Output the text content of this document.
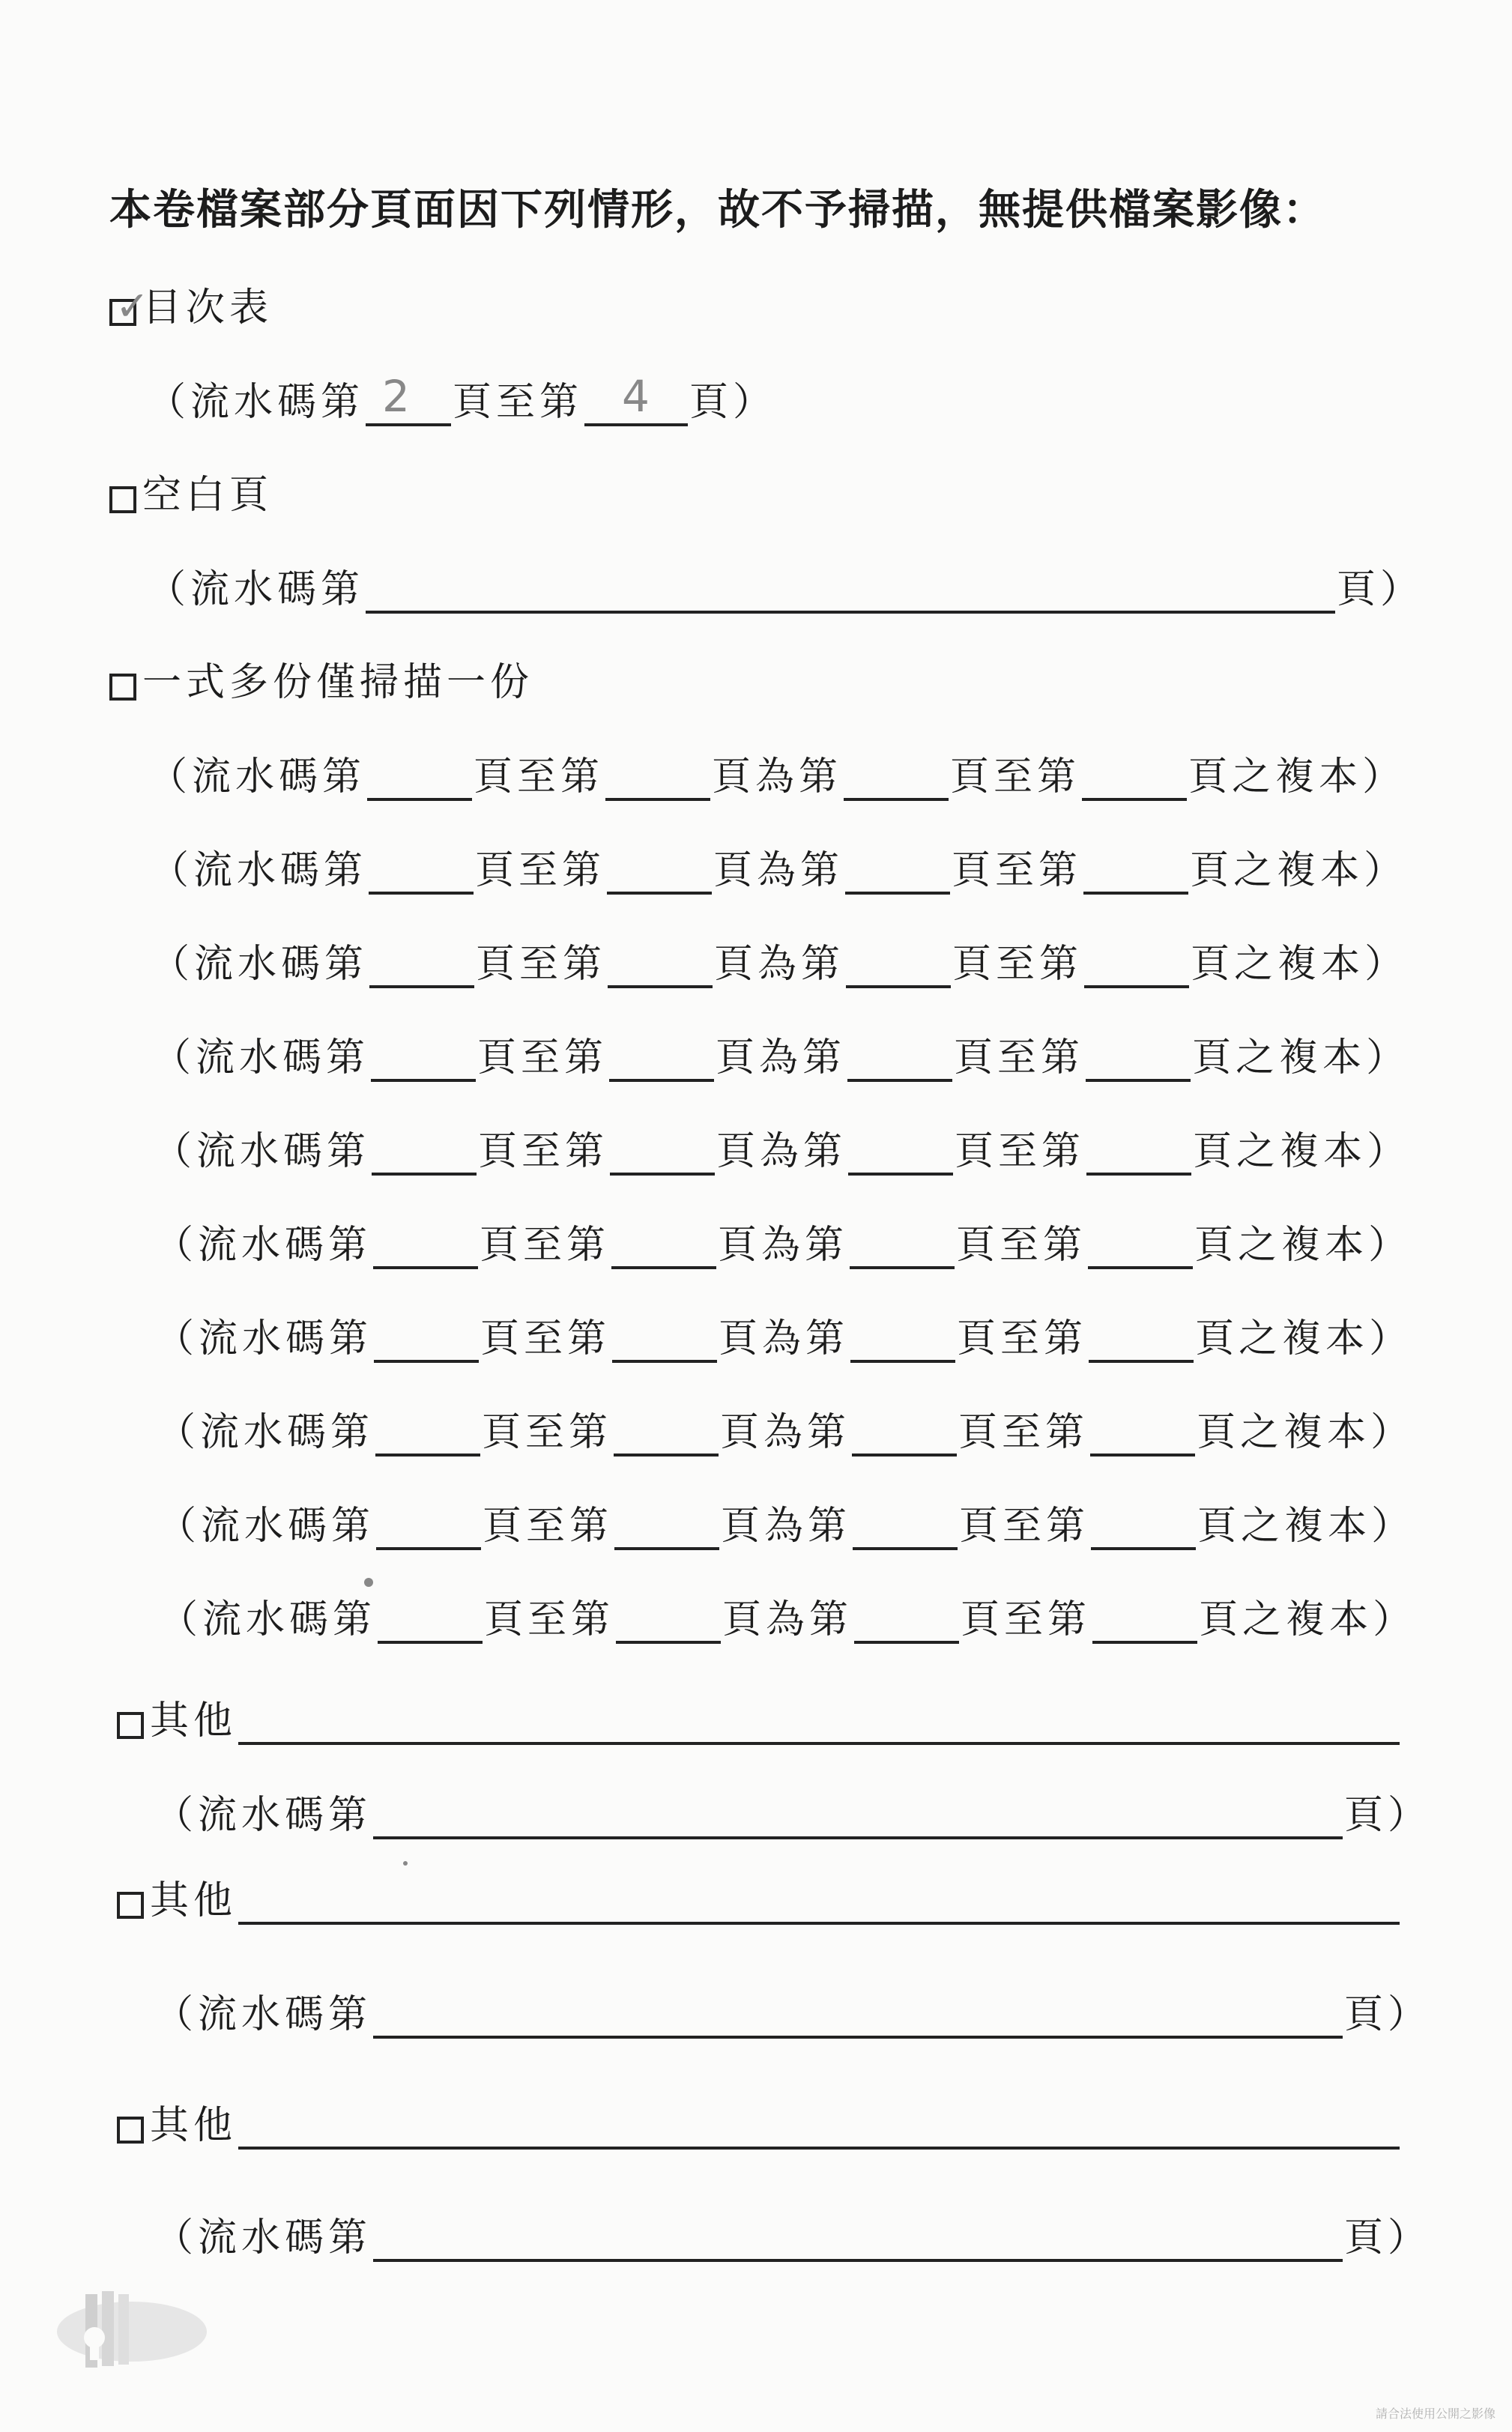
本卷檔案部分頁面因下列情形，故不予掃描，無提供檔案影像：
✓
目次表
（流水碼第 2 頁至第 4 頁）
空白頁
（流水碼第	頁）
一式多份僅掃描一份
（流水碼第	頁至第	頁為第	頁至第	頁之複本）
（流水碼第	頁至第	頁為第	頁至第	頁之複本）
（流水碼第	頁至第	頁為第	頁至第	頁之複本）
（流水碼第	頁至第	頁為第	頁至第	頁之複本）
（流水碼第	頁至第	頁為第	頁至第	頁之複本）
（流水碼第	頁至第	頁為第	頁至第	頁之複本）
（流水碼第	頁至第	頁為第	頁至第	頁之複本）
（流水碼第	頁至第	頁為第	頁至第	頁之複本）
（流水碼第	頁至第	頁為第	頁至第	頁之複本）
（流水碼第	頁至第	頁為第	頁至第	頁之複本）
其他
（流水碼第	頁）
其他
（流水碼第	頁）
其他
（流水碼第	頁）
請合法使用公開之影像
